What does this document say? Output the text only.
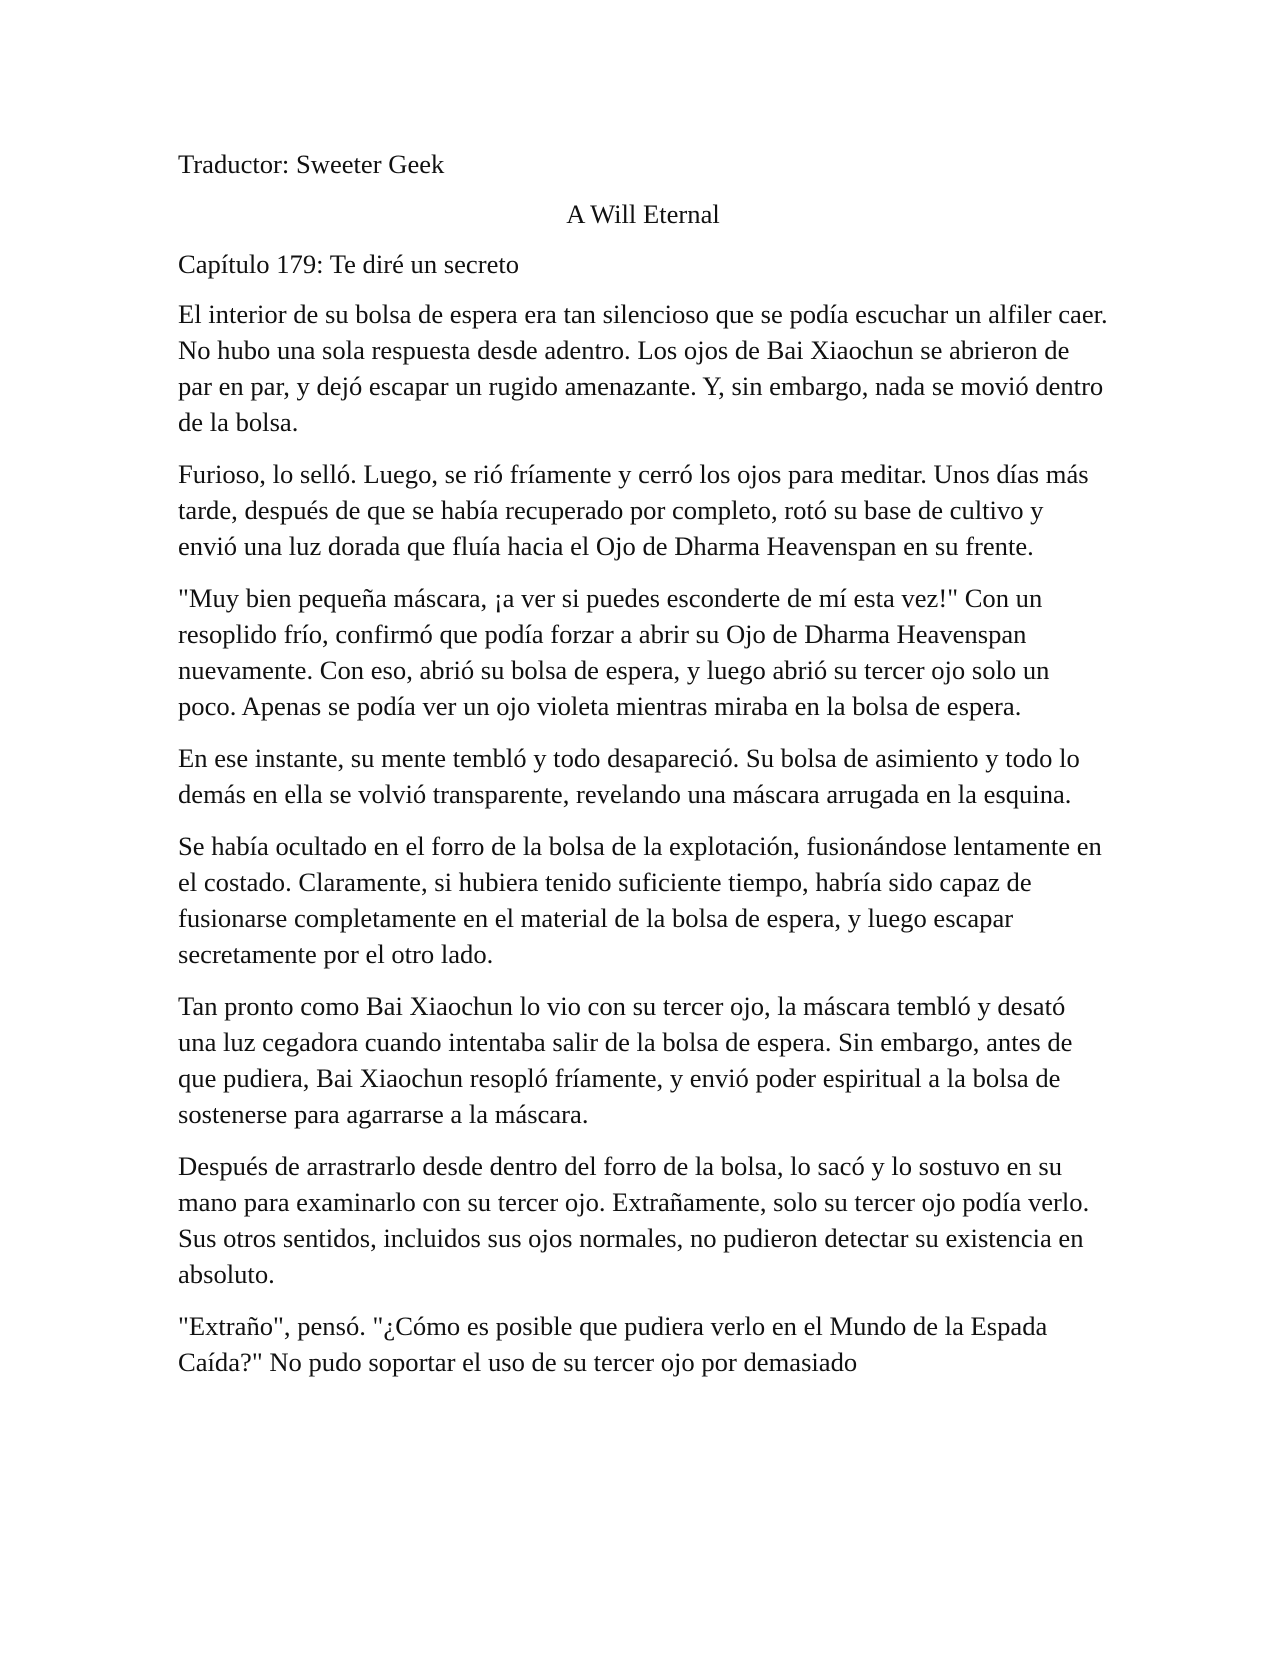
Traductor: Sweeter Geek

A Will Eternal

Capítulo 179: Te diré un secreto

El interior de su bolsa de espera era tan silencioso que se podía escuchar un alfiler caer. No hubo una sola respuesta desde adentro. Los ojos de Bai Xiaochun se abrieron de par en par, y dejó escapar un rugido amenazante. Y, sin embargo, nada se movió dentro de la bolsa.

Furioso, lo selló. Luego, se rió fríamente y cerró los ojos para meditar. Unos días más tarde, después de que se había recuperado por completo, rotó su base de cultivo y envió una luz dorada que fluía hacia el Ojo de Dharma Heavenspan en su frente.

"Muy bien pequeña máscara, ¡a ver si puedes esconderte de mí esta vez!" Con un resoplido frío, confirmó que podía forzar a abrir su Ojo de Dharma Heavenspan nuevamente. Con eso, abrió su bolsa de espera, y luego abrió su tercer ojo solo un poco. Apenas se podía ver un ojo violeta mientras miraba en la bolsa de espera.

En ese instante, su mente tembló y todo desapareció. Su bolsa de asimiento y todo lo demás en ella se volvió transparente, revelando una máscara arrugada en la esquina.

Se había ocultado en el forro de la bolsa de la explotación, fusionándose lentamente en el costado. Claramente, si hubiera tenido suficiente tiempo, habría sido capaz de fusionarse completamente en el material de la bolsa de espera, y luego escapar secretamente por el otro lado.

Tan pronto como Bai Xiaochun lo vio con su tercer ojo, la máscara tembló y desató una luz cegadora cuando intentaba salir de la bolsa de espera. Sin embargo, antes de que pudiera, Bai Xiaochun resopló fríamente, y envió poder espiritual a la bolsa de sostenerse para agarrarse a la máscara.

Después de arrastrarlo desde dentro del forro de la bolsa, lo sacó y lo sostuvo en su mano para examinarlo con su tercer ojo. Extrañamente, solo su tercer ojo podía verlo. Sus otros sentidos, incluidos sus ojos normales, no pudieron detectar su existencia en absoluto.

"Extraño", pensó. "¿Cómo es posible que pudiera verlo en el Mundo de la Espada Caída?" No pudo soportar el uso de su tercer ojo por demasiado
